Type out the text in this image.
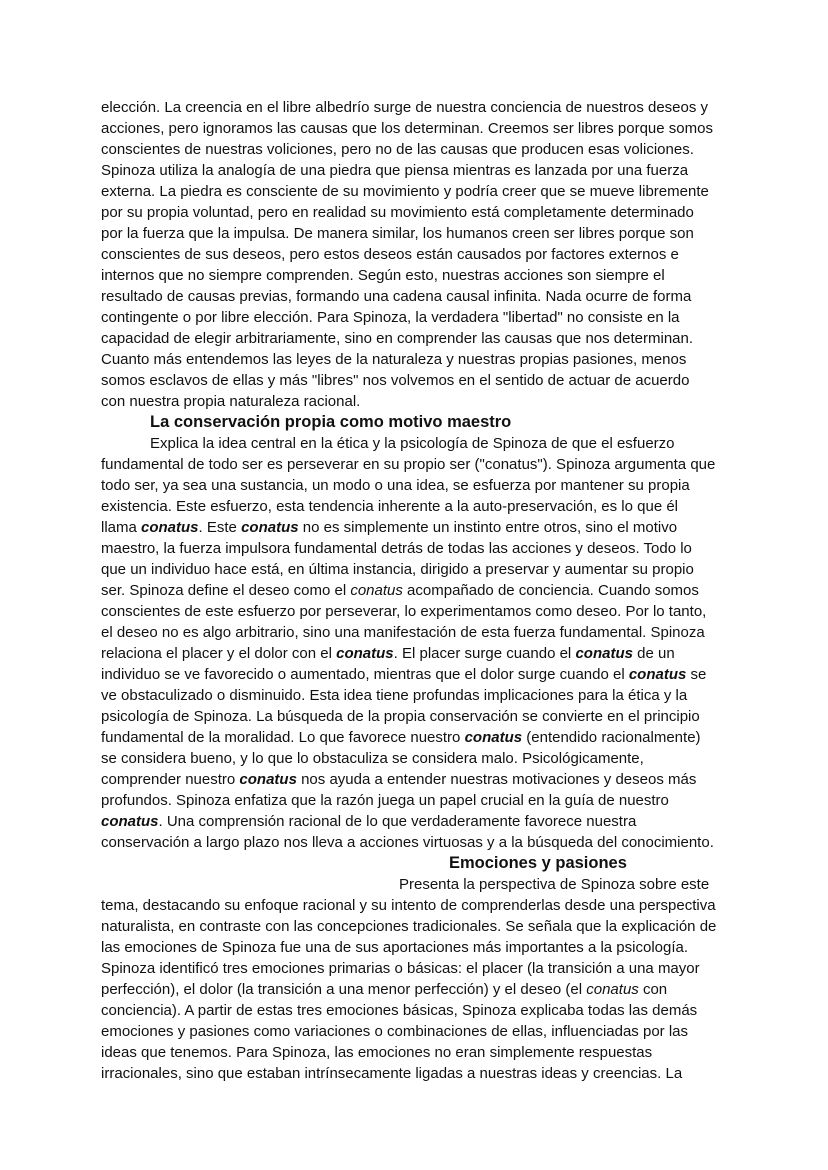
elección. La creencia en el libre albedrío surge de nuestra conciencia de nuestros deseos y
acciones, pero ignoramos las causas que los determinan. Creemos ser libres porque somos
conscientes de nuestras voliciones, pero no de las causas que producen esas voliciones.
Spinoza utiliza la analogía de una piedra que piensa mientras es lanzada por una fuerza
externa. La piedra es consciente de su movimiento y podría creer que se mueve libremente
por su propia voluntad, pero en realidad su movimiento está completamente determinado
por la fuerza que la impulsa. De manera similar, los humanos creen ser libres porque son
conscientes de sus deseos, pero estos deseos están causados por factores externos e
internos que no siempre comprenden. Según esto, nuestras acciones son siempre el
resultado de causas previas, formando una cadena causal infinita. Nada ocurre de forma
contingente o por libre elección. Para Spinoza, la verdadera "libertad" no consiste en la
capacidad de elegir arbitrariamente, sino en comprender las causas que nos determinan.
Cuanto más entendemos las leyes de la naturaleza y nuestras propias pasiones, menos
somos esclavos de ellas y más "libres" nos volvemos en el sentido de actuar de acuerdo
con nuestra propia naturaleza racional.
La conservación propia como motivo maestro
Explica la idea central en la ética y la psicología de Spinoza de que el esfuerzo
fundamental de todo ser es perseverar en su propio ser ("conatus"). Spinoza argumenta que
todo ser, ya sea una sustancia, un modo o una idea, se esfuerza por mantener su propia
existencia. Este esfuerzo, esta tendencia inherente a la auto-preservación, es lo que él
llama conatus. Este conatus no es simplemente un instinto entre otros, sino el motivo
maestro, la fuerza impulsora fundamental detrás de todas las acciones y deseos. Todo lo
que un individuo hace está, en última instancia, dirigido a preservar y aumentar su propio
ser. Spinoza define el deseo como el conatus acompañado de conciencia. Cuando somos
conscientes de este esfuerzo por perseverar, lo experimentamos como deseo. Por lo tanto,
el deseo no es algo arbitrario, sino una manifestación de esta fuerza fundamental. Spinoza
relaciona el placer y el dolor con el conatus. El placer surge cuando el conatus de un
individuo se ve favorecido o aumentado, mientras que el dolor surge cuando el conatus se
ve obstaculizado o disminuido. Esta idea tiene profundas implicaciones para la ética y la
psicología de Spinoza. La búsqueda de la propia conservación se convierte en el principio
fundamental de la moralidad. Lo que favorece nuestro conatus (entendido racionalmente)
se considera bueno, y lo que lo obstaculiza se considera malo. Psicológicamente,
comprender nuestro conatus nos ayuda a entender nuestras motivaciones y deseos más
profundos. Spinoza enfatiza que la razón juega un papel crucial en la guía de nuestro
conatus. Una comprensión racional de lo que verdaderamente favorece nuestra
conservación a largo plazo nos lleva a acciones virtuosas y a la búsqueda del conocimiento.
Emociones y pasiones
Presenta la perspectiva de Spinoza sobre este
tema, destacando su enfoque racional y su intento de comprenderlas desde una perspectiva
naturalista, en contraste con las concepciones tradicionales. Se señala que la explicación de
las emociones de Spinoza fue una de sus aportaciones más importantes a la psicología.
Spinoza identificó tres emociones primarias o básicas: el placer (la transición a una mayor
perfección), el dolor (la transición a una menor perfección) y el deseo (el conatus con
conciencia). A partir de estas tres emociones básicas, Spinoza explicaba todas las demás
emociones y pasiones como variaciones o combinaciones de ellas, influenciadas por las
ideas que tenemos. Para Spinoza, las emociones no eran simplemente respuestas
irracionales, sino que estaban intrínsecamente ligadas a nuestras ideas y creencias. La
